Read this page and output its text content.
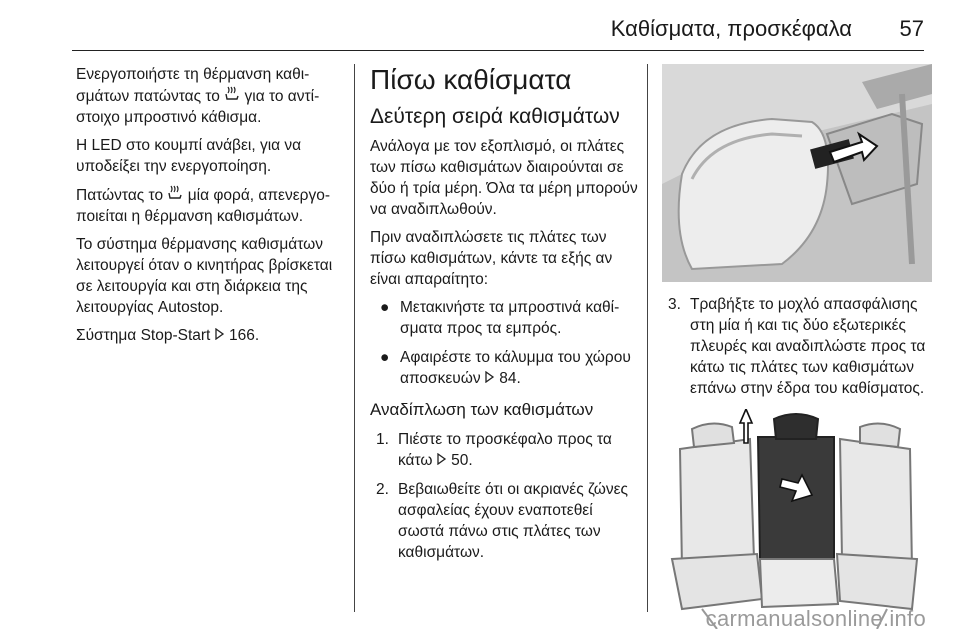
Καθίσματα, προσκέφαλα 57

Ενεργοποιήστε τη θέρμανση καθισμάτων πατώντας το  για το αντίστοιχο μπροστινό κάθισμα.

Η LED στο κουμπί ανάβει, για να υποδείξει την ενεργοποίηση.

Πατώντας το  μία φορά, απενεργοποιείται η θέρμανση καθισμάτων.

Το σύστημα θέρμανσης καθισμάτων λειτουργεί όταν ο κινητήρας βρίσκεται σε λειτουργία και στη διάρκεια της λειτουργίας Autostop.

Σύστημα Stop-Start  166.

Πίσω καθίσματα
Δεύτερη σειρά καθισμάτων

Ανάλογα με τον εξοπλισμό, οι πλάτες των πίσω καθισμάτων διαιρούνται σε δύο ή τρία μέρη. Όλα τα μέρη μπορούν να αναδιπλωθούν.

Πριν αναδιπλώσετε τις πλάτες των πίσω καθισμάτων, κάντε τα εξής αν είναι απαραίτητο:

● Μετακινήστε τα μπροστινά καθίσματα προς τα εμπρός.
● Αφαιρέστε το κάλυμμα του χώρου αποσκευών  84.
Αναδίπλωση των καθισμάτων
1. Πιέστε το προσκέφαλο προς τα κάτω  50.
2. Βεβαιωθείτε ότι οι ακριανές ζώνες ασφαλείας έχουν εναποτεθεί σωστά πάνω στις πλάτες των καθισμάτων.
3. Τραβήξτε το μοχλό απασφάλισης στη μία ή και τις δύο εξωτερικές πλευρές και αναδιπλώστε προς τα κάτω τις πλάτες των καθισμάτων επάνω στην έδρα του καθίσματος.
carmanualsonline.info
